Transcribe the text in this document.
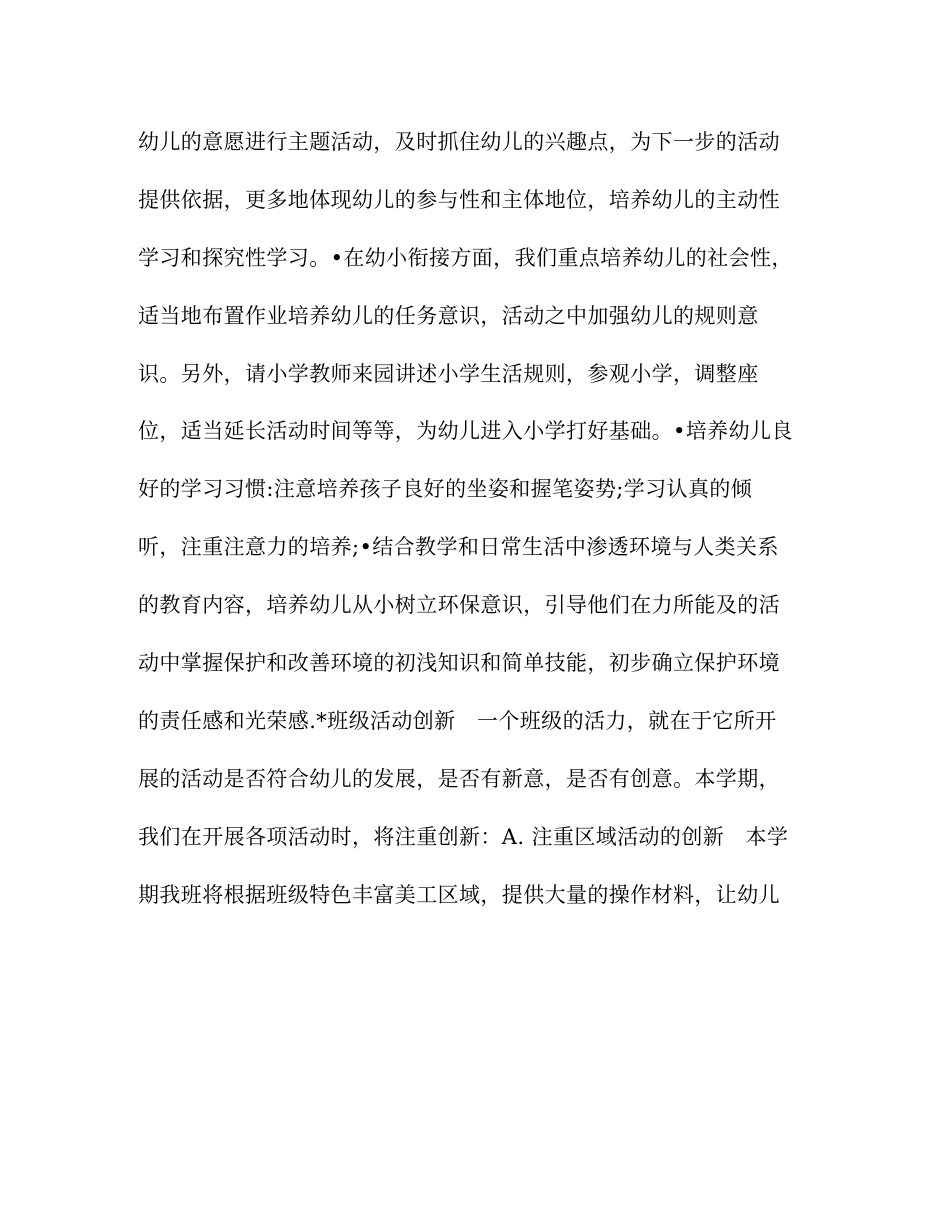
幼儿的意愿进行主题活动，及时抓住幼儿的兴趣点，为下一步的活动
提供依据，更多地体现幼儿的参与性和主体地位，培养幼儿的主动性
学习和探究性学习。•在幼小衔接方面，我们重点培养幼儿的社会性，
适当地布置作业培养幼儿的任务意识，活动之中加强幼儿的规则意
识。另外，请小学教师来园讲述小学生活规则，参观小学，调整座
位，适当延长活动时间等等，为幼儿进入小学打好基础。•培养幼儿良
好的学习习惯:注意培养孩子良好的坐姿和握笔姿势;学习认真的倾
听，注重注意力的培养;•结合教学和日常生活中渗透环境与人类关系
的教育内容，培养幼儿从小树立环保意识，引导他们在力所能及的活
动中掌握保护和改善环境的初浅知识和简单技能，初步确立保护环境
的责任感和光荣感.*班级活动创新　一个班级的活力，就在于它所开
展的活动是否符合幼儿的发展，是否有新意，是否有创意。本学期，
我们在开展各项活动时，将注重创新：A. 注重区域活动的创新　本学
期我班将根据班级特色丰富美工区域，提供大量的操作材料，让幼儿
